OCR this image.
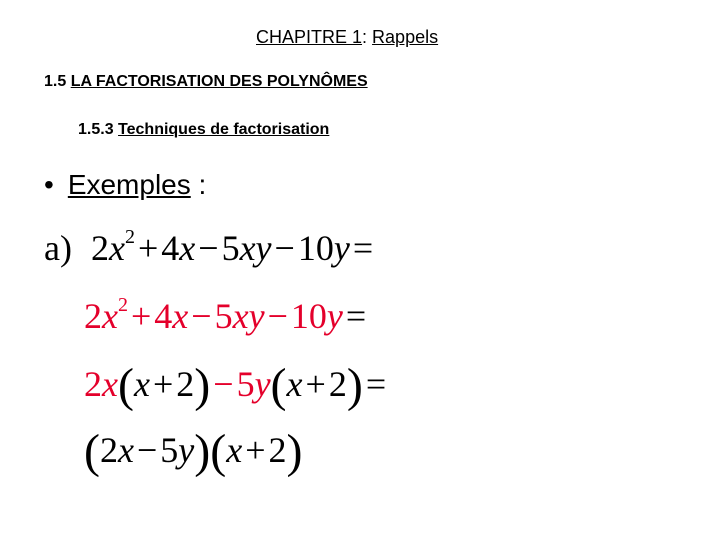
CHAPITRE 1: Rappels
1.5 LA FACTORISATION DES POLYNÔMES
1.5.3 Techniques de factorisation
• Exemples :
a) $2x^2+4x-5xy-10y=$
$2x^2+4x-5xy-10y=$
2x(x+2)−5y(x+2)=
(2x−5y)(x+2)
